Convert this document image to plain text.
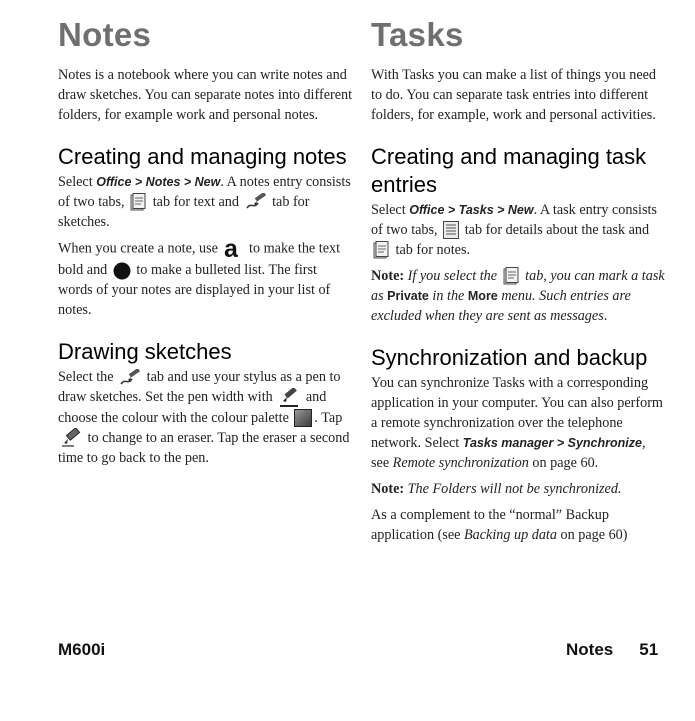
Notes

Notes is a notebook where you can write notes and draw sketches. You can separate notes into different folders, for example work and personal notes.

Creating and managing notes

Select Office > Notes > New. A notes entry consists of two tabs,  tab for text and  tab for sketches.

When you create a note, use a to make the text bold and  to make a bulleted list. The first words of your notes are displayed in your list of notes.

Drawing sketches

Select the  tab and use your stylus as a pen to draw sketches. Set the pen width with  and choose the colour with the colour palette . Tap  to change to an eraser. Tap the eraser a second time to go back to the pen.

Tasks

With Tasks you can make a list of things you need to do. You can separate task entries into different folders, for example, work and personal activities.

Creating and managing task entries

Select Office > Tasks > New. A task entry consists of two tabs,  tab for details about the task and  tab for notes.

Note: If you select the  tab, you can mark a task as Private in the More menu. Such entries are excluded when they are sent as messages.

Synchronization and backup

You can synchronize Tasks with a corresponding application in your computer. You can also perform a remote synchronization over the telephone network. Select Tasks manager > Synchronize, see Remote synchronization on page 60.

Note: The Folders will not be synchronized.

As a complement to the “normal” Backup application (see Backing up data on page 60)

M600i	Notes 51
